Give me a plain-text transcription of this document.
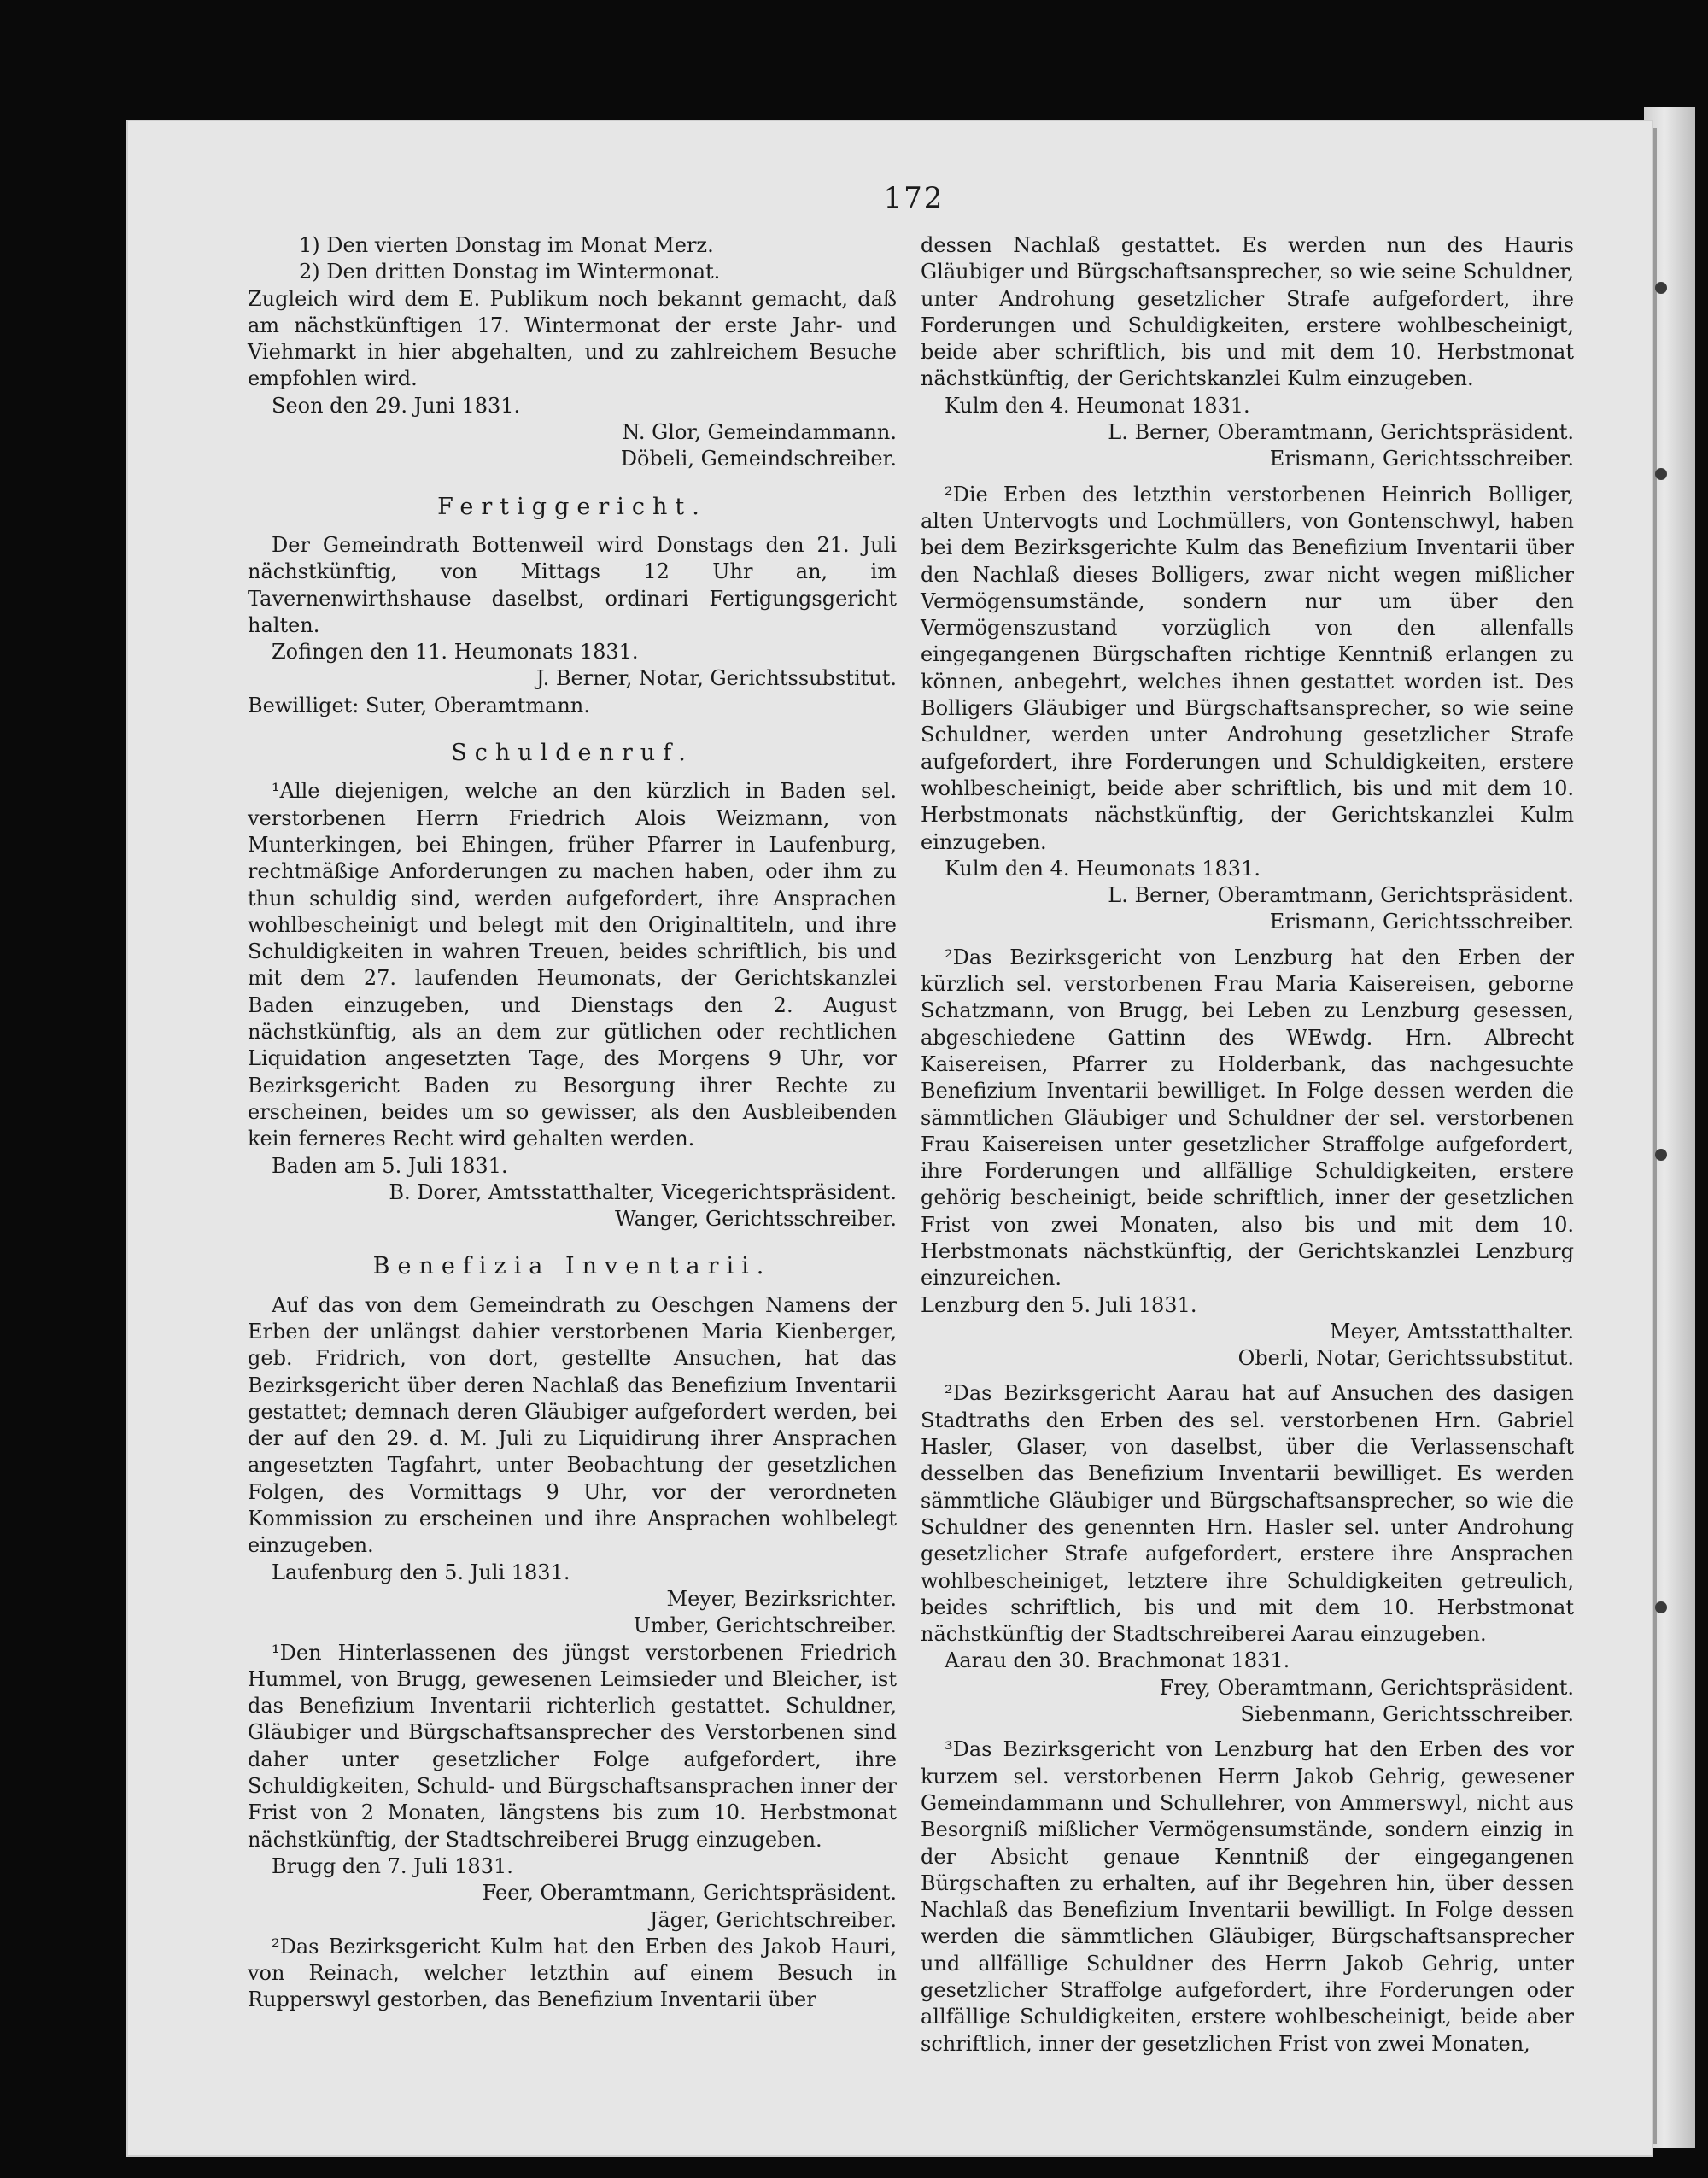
172

1) Den vierten Donstag im Monat Merz.

2) Den dritten Donstag im Wintermonat.

Zugleich wird dem E. Publikum noch bekannt gemacht, daß am nächstkünftigen 17. Wintermonat der erste Jahr- und Viehmarkt in hier abgehalten, und zu zahlreichem Besuche empfohlen wird.

Seon den 29. Juni 1831.

N. Glor, Gemeindammann.

Döbeli, Gemeindschreiber.

Fertiggericht.

Der Gemeindrath Bottenweil wird Donstags den 21. Juli nächstkünftig, von Mittags 12 Uhr an, im Tavernenwirthshause daselbst, ordinari Fertigungsgericht halten.

Zofingen den 11. Heumonats 1831.

J. Berner, Notar, Gerichtssubstitut.

Bewilliget: Suter, Oberamtmann.

Schuldenruf.

¹Alle diejenigen, welche an den kürzlich in Baden sel. verstorbenen Herrn Friedrich Alois Weizmann, von Munterkingen, bei Ehingen, früher Pfarrer in Laufenburg, rechtmäßige Anforderungen zu machen haben, oder ihm zu thun schuldig sind, werden aufgefordert, ihre Ansprachen wohlbescheinigt und belegt mit den Originaltiteln, und ihre Schuldigkeiten in wahren Treuen, beides schriftlich, bis und mit dem 27. laufenden Heumonats, der Gerichtskanzlei Baden einzugeben, und Dienstags den 2. August nächstkünftig, als an dem zur gütlichen oder rechtlichen Liquidation angesetzten Tage, des Morgens 9 Uhr, vor Bezirksgericht Baden zu Besorgung ihrer Rechte zu erscheinen, beides um so gewisser, als den Ausbleibenden kein ferneres Recht wird gehalten werden.

Baden am 5. Juli 1831.

B. Dorer, Amtsstatthalter, Vicegerichtspräsident.

Wanger, Gerichtsschreiber.

Benefizia Inventarii.

Auf das von dem Gemeindrath zu Oeschgen Namens der Erben der unlängst dahier verstorbenen Maria Kienberger, geb. Fridrich, von dort, gestellte Ansuchen, hat das Bezirksgericht über deren Nachlaß das Benefizium Inventarii gestattet; demnach deren Gläubiger aufgefordert werden, bei der auf den 29. d. M. Juli zu Liquidirung ihrer Ansprachen angesetzten Tagfahrt, unter Beobachtung der gesetzlichen Folgen, des Vormittags 9 Uhr, vor der verordneten Kommission zu erscheinen und ihre Ansprachen wohlbelegt einzugeben.

Laufenburg den 5. Juli 1831.

Meyer, Bezirksrichter.

Umber, Gerichtschreiber.

¹Den Hinterlassenen des jüngst verstorbenen Friedrich Hummel, von Brugg, gewesenen Leimsieder und Bleicher, ist das Benefizium Inventarii richterlich gestattet. Schuldner, Gläubiger und Bürgschaftsansprecher des Verstorbenen sind daher unter gesetzlicher Folge aufgefordert, ihre Schuldigkeiten, Schuld- und Bürgschaftsansprachen inner der Frist von 2 Monaten, längstens bis zum 10. Herbstmonat nächstkünftig, der Stadtschreiberei Brugg einzugeben.

Brugg den 7. Juli 1831.

Feer, Oberamtmann, Gerichtspräsident.

Jäger, Gerichtschreiber.

²Das Bezirksgericht Kulm hat den Erben des Jakob Hauri, von Reinach, welcher letzthin auf einem Besuch in Rupperswyl gestorben, das Benefizium Inventarii über

dessen Nachlaß gestattet. Es werden nun des Hauris Gläubiger und Bürgschaftsansprecher, so wie seine Schuldner, unter Androhung gesetzlicher Strafe aufgefordert, ihre Forderungen und Schuldigkeiten, erstere wohlbescheinigt, beide aber schriftlich, bis und mit dem 10. Herbstmonat nächstkünftig, der Gerichtskanzlei Kulm einzugeben.

Kulm den 4. Heumonat 1831.

L. Berner, Oberamtmann, Gerichtspräsident.

Erismann, Gerichtsschreiber.

²Die Erben des letzthin verstorbenen Heinrich Bolliger, alten Untervogts und Lochmüllers, von Gontenschwyl, haben bei dem Bezirksgerichte Kulm das Benefizium Inventarii über den Nachlaß dieses Bolligers, zwar nicht wegen mißlicher Vermögensumstände, sondern nur um über den Vermögenszustand vorzüglich von den allenfalls eingegangenen Bürgschaften richtige Kenntniß erlangen zu können, anbegehrt, welches ihnen gestattet worden ist. Des Bolligers Gläubiger und Bürgschaftsansprecher, so wie seine Schuldner, werden unter Androhung gesetzlicher Strafe aufgefordert, ihre Forderungen und Schuldigkeiten, erstere wohlbescheinigt, beide aber schriftlich, bis und mit dem 10. Herbstmonats nächstkünftig, der Gerichtskanzlei Kulm einzugeben.

Kulm den 4. Heumonats 1831.

L. Berner, Oberamtmann, Gerichtspräsident.

Erismann, Gerichtsschreiber.

²Das Bezirksgericht von Lenzburg hat den Erben der kürzlich sel. verstorbenen Frau Maria Kaisereisen, geborne Schatzmann, von Brugg, bei Leben zu Lenzburg gesessen, abgeschiedene Gattinn des WEwdg. Hrn. Albrecht Kaisereisen, Pfarrer zu Holderbank, das nachgesuchte Benefizium Inventarii bewilliget. In Folge dessen werden die sämmtlichen Gläubiger und Schuldner der sel. verstorbenen Frau Kaisereisen unter gesetzlicher Straffolge aufgefordert, ihre Forderungen und allfällige Schuldigkeiten, erstere gehörig bescheinigt, beide schriftlich, inner der gesetzlichen Frist von zwei Monaten, also bis und mit dem 10. Herbstmonats nächstkünftig, der Gerichtskanzlei Lenzburg einzureichen.

Lenzburg den 5. Juli 1831.

Meyer, Amtsstatthalter.

Oberli, Notar, Gerichtssubstitut.

²Das Bezirksgericht Aarau hat auf Ansuchen des dasigen Stadtraths den Erben des sel. verstorbenen Hrn. Gabriel Hasler, Glaser, von daselbst, über die Verlassenschaft desselben das Benefizium Inventarii bewilliget. Es werden sämmtliche Gläubiger und Bürgschaftsansprecher, so wie die Schuldner des genennten Hrn. Hasler sel. unter Androhung gesetzlicher Strafe aufgefordert, erstere ihre Ansprachen wohlbescheiniget, letztere ihre Schuldigkeiten getreulich, beides schriftlich, bis und mit dem 10. Herbstmonat nächstkünftig der Stadtschreiberei Aarau einzugeben.

Aarau den 30. Brachmonat 1831.

Frey, Oberamtmann, Gerichtspräsident.

Siebenmann, Gerichtsschreiber.

³Das Bezirksgericht von Lenzburg hat den Erben des vor kurzem sel. verstorbenen Herrn Jakob Gehrig, gewesener Gemeindammann und Schullehrer, von Ammerswyl, nicht aus Besorgniß mißlicher Vermögensumstände, sondern einzig in der Absicht genaue Kenntniß der eingegangenen Bürgschaften zu erhalten, auf ihr Begehren hin, über dessen Nachlaß das Benefizium Inventarii bewilligt. In Folge dessen werden die sämmtlichen Gläubiger, Bürgschaftsansprecher und allfällige Schuldner des Herrn Jakob Gehrig, unter gesetzlicher Straffolge aufgefordert, ihre Forderungen oder allfällige Schuldigkeiten, erstere wohlbescheinigt, beide aber schriftlich, inner der gesetzlichen Frist von zwei Monaten,
